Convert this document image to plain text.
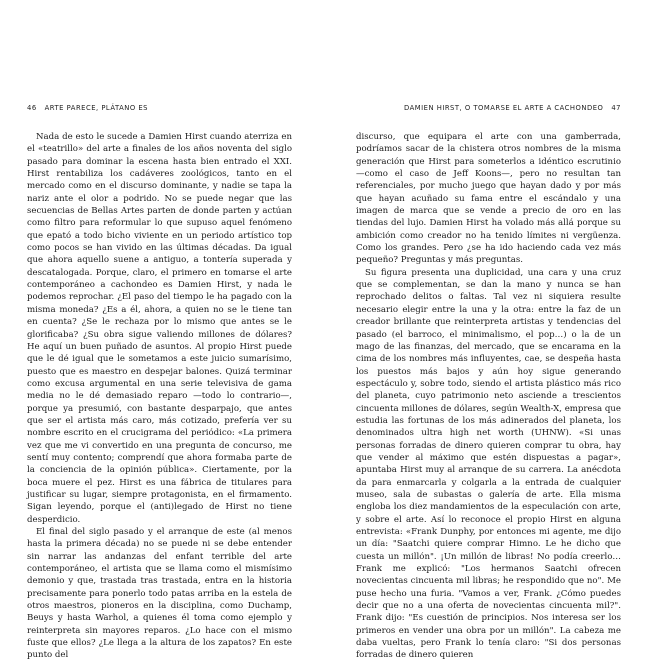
46 ARTE PARECE, PLÁTANO ES

Nada de esto le sucede a Damien Hirst cuando aterriza en el «teatrillo» del arte a finales de los años noventa del siglo pasado para dominar la escena hasta bien entrado el XXI. Hirst rentabiliza los cadáveres zoológicos, tanto en el mercado como en el discurso dominante, y nadie se tapa la nariz ante el olor a podrido. No se puede negar que las secuencias de Bellas Artes parten de donde parten y actúan como filtro para reformular lo que supuso aquel fenómeno que epató a todo bicho viviente en un periodo artístico top como pocos se han vivido en las últimas décadas. Da igual que ahora aquello suene a antiguo, a tontería superada y descatalogada. Porque, claro, el primero en tomarse el arte contemporáneo a cachondeo es Damien Hirst, y nada le podemos reprochar. ¿El paso del tiempo le ha pagado con la misma moneda? ¿Es a él, ahora, a quien no se le tiene tan en cuenta? ¿Se le rechaza por lo mismo que antes se le glorificaba? ¿Su obra sigue valiendo millones de dólares? He aquí un buen puñado de asuntos. Al propio Hirst puede que le dé igual que le sometamos a este juicio sumarísimo, puesto que es maestro en despejar balones. Quizá terminar como excusa argumental en una serie televisiva de gama media no le dé demasiado reparo —todo lo contrario—, porque ya presumió, con bastante desparpajo, que antes que ser el artista más caro, más cotizado, prefería ver su nombre escrito en el crucigrama del periódico: «La primera vez que me vi convertido en una pregunta de concurso, me sentí muy contento; comprendí que ahora formaba parte de la conciencia de la opinión pública». Ciertamente, por la boca muere el pez. Hirst es una fábrica de titulares para justificar su lugar, siempre protagonista, en el firmamento. Sigan leyendo, porque el (anti)legado de Hirst no tiene desperdicio.

El final del siglo pasado y el arranque de este (al menos hasta la primera década) no se puede ni se debe entender sin narrar las andanzas del enfant terrible del arte contemporáneo, el artista que se llama como el mismísimo demonio y que, trastada tras trastada, entra en la historia precisamente para ponerlo todo patas arriba en la estela de otros maestros, pioneros en la disciplina, como Duchamp, Beuys y hasta Warhol, a quienes él toma como ejemplo y reinterpreta sin mayores reparos. ¿Lo hace con el mismo fuste que ellos? ¿Le llega a la altura de los zapatos? En este punto del

DAMIEN HIRST, O TOMARSE EL ARTE A CACHONDEO 47

discurso, que equipara el arte con una gamberrada, podríamos sacar de la chistera otros nombres de la misma generación que Hirst para someterlos a idéntico escrutinio —como el caso de Jeff Koons—, pero no resultan tan referenciales, por mucho juego que hayan dado y por más que hayan acuñado su fama entre el escándalo y una imagen de marca que se vende a precio de oro en las tiendas del lujo. Damien Hirst ha volado más allá porque su ambición como creador no ha tenido límites ni vergüenza. Como los grandes. Pero ¿se ha ido haciendo cada vez más pequeño? Preguntas y más preguntas.

Su figura presenta una duplicidad, una cara y una cruz que se complementan, se dan la mano y nunca se han reprochado delitos o faltas. Tal vez ni siquiera resulte necesario elegir entre la una y la otra: entre la faz de un creador brillante que reinterpreta artistas y tendencias del pasado (el barroco, el minimalismo, el pop…) o la de un mago de las finanzas, del mercado, que se encarama en la cima de los nombres más influyentes, cae, se despeña hasta los puestos más bajos y aún hoy sigue generando espectáculo y, sobre todo, siendo el artista plástico más rico del planeta, cuyo patrimonio neto asciende a trescientos cincuenta millones de dólares, según Wealth-X, empresa que estudia las fortunas de los más adinerados del planeta, los denominados ultra high net worth (UHNW). «Si unas personas forradas de dinero quieren comprar tu obra, hay que vender al máximo que estén dispuestas a pagar», apuntaba Hirst muy al arranque de su carrera. La anécdota da para enmarcarla y colgarla a la entrada de cualquier museo, sala de subastas o galería de arte. Ella misma engloba los diez mandamientos de la especulación con arte, y sobre el arte. Así lo reconoce el propio Hirst en alguna entrevista: «Frank Dunphy, por entonces mi agente, me dijo un día: "Saatchi quiere comprar Himno. Le he dicho que cuesta un millón". ¡Un millón de libras! No podía creerlo… Frank me explicó: "Los hermanos Saatchi ofrecen novecientas cincuenta mil libras; he respondido que no". Me puse hecho una furia. "Vamos a ver, Frank. ¿Cómo puedes decir que no a una oferta de novecientas cincuenta mil?". Frank dijo: "Es cuestión de principios. Nos interesa ser los primeros en vender una obra por un millón". La cabeza me daba vueltas, pero Frank lo tenía claro: "Si dos personas forradas de dinero quieren
